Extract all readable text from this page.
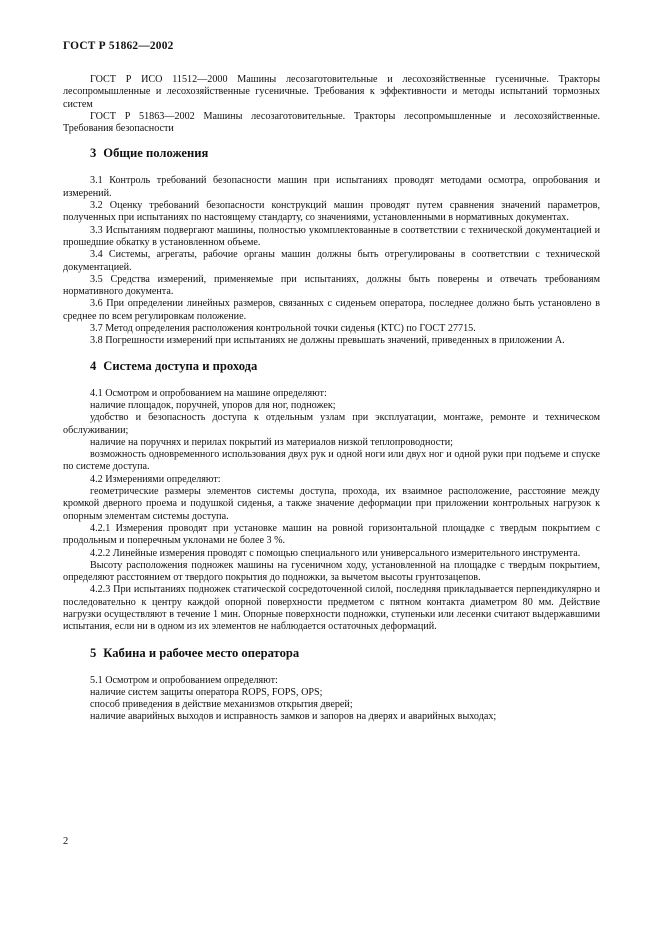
ГОСТ Р 51862—2002

ГОСТ Р ИСО 11512—2000 Машины лесозаготовительные и лесохозяйственные гусеничные. Тракторы лесопромышленные и лесохозяйственные гусеничные. Требования к эффективности и методы испытаний тормозных систем

ГОСТ Р 51863—2002 Машины лесозаготовительные. Тракторы лесопромышленные и лесохозяйственные. Требования безопасности

3 Общие положения

3.1 Контроль требований безопасности машин при испытаниях проводят методами осмотра, опробования и измерений.

3.2 Оценку требований безопасности конструкций машин проводят путем сравнения значений параметров, полученных при испытаниях по настоящему стандарту, со значениями, установленными в нормативных документах.

3.3 Испытаниям подвергают машины, полностью укомплектованные в соответствии с технической документацией и прошедшие обкатку в установленном объеме.

3.4 Системы, агрегаты, рабочие органы машин должны быть отрегулированы в соответствии с технической документацией.

3.5 Средства измерений, применяемые при испытаниях, должны быть поверены и отвечать требованиям нормативного документа.

3.6 При определении линейных размеров, связанных с сиденьем оператора, последнее должно быть установлено в среднее по всем регулировкам положение.

3.7 Метод определения расположения контрольной точки сиденья (КТС) по ГОСТ 27715.

3.8 Погрешности измерений при испытаниях не должны превышать значений, приведенных в приложении А.

4 Система доступа и прохода

4.1 Осмотром и опробованием на машине определяют:

наличие площадок, поручней, упоров для ног, подножек;

удобство и безопасность доступа к отдельным узлам при эксплуатации, монтаже, ремонте и техническом обслуживании;

наличие на поручнях и перилах покрытий из материалов низкой теплопроводности;

возможность одновременного использования двух рук и одной ноги или двух ног и одной руки при подъеме и спуске по системе доступа.

4.2 Измерениями определяют:

геометрические размеры элементов системы доступа, прохода, их взаимное расположение, расстояние между кромкой дверного проема и подушкой сиденья, а также значение деформации при приложении контрольных нагрузок к опорным элементам системы доступа.

4.2.1 Измерения проводят при установке машин на ровной горизонтальной площадке с твердым покрытием с продольным и поперечным уклонами не более 3 %.

4.2.2 Линейные измерения проводят с помощью специального или универсального измерительного инструмента.

Высоту расположения подножек машины на гусеничном ходу, установленной на площадке с твердым покрытием, определяют расстоянием от твердого покрытия до подножки, за вычетом высоты грунтозацепов.

4.2.3 При испытаниях подножек статической сосредоточенной силой, последняя прикладывается перпендикулярно и последовательно к центру каждой опорной поверхности предметом с пятном контакта диаметром 80 мм. Действие нагрузки осуществляют в течение 1 мин. Опорные поверхности подножки, ступеньки или лесенки считают выдержавшими испытания, если ни в одном из их элементов не наблюдается остаточных деформаций.

5 Кабина и рабочее место оператора

5.1 Осмотром и опробованием определяют:

наличие систем защиты оператора ROPS, FOPS, OPS;

способ приведения в действие механизмов открытия дверей;

наличие аварийных выходов и исправность замков и запоров на дверях и аварийных выходах;

2
